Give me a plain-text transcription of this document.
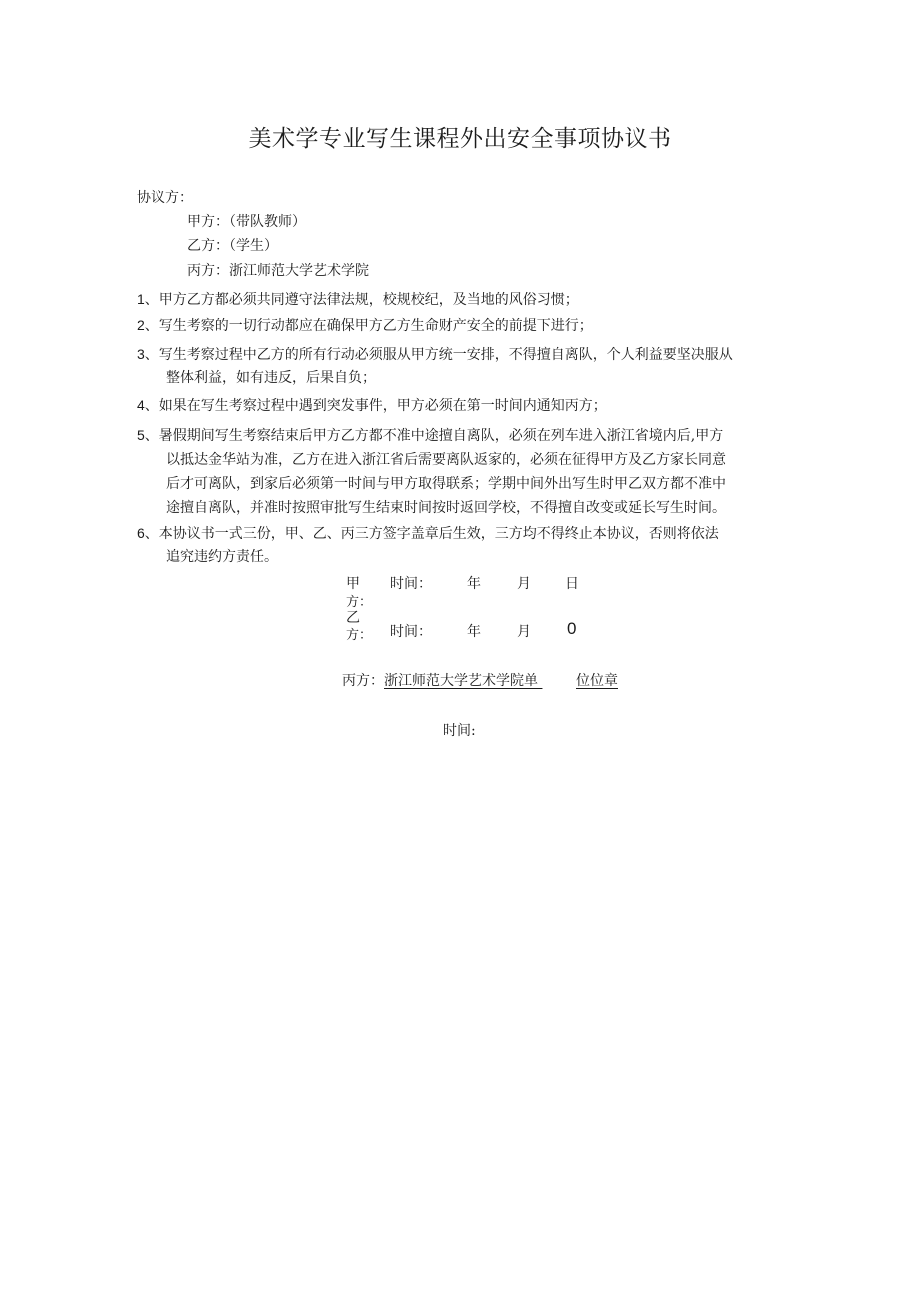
美术学专业写生课程外出安全事项协议书
协议方：
甲方：（带队教师）
乙方：（学生）
丙方：浙江师范大学艺术学院
1、甲方乙方都必须共同遵守法律法规，校规校纪，及当地的风俗习惯；
2、写生考察的一切行动都应在确保甲方乙方生命财产安全的前提下进行；
3、写生考察过程中乙方的所有行动必须服从甲方统一安排，不得擅自离队，个人利益要坚决服从
整体利益，如有违反，后果自负；
4、如果在写生考察过程中遇到突发事件，甲方必须在第一时间内通知丙方；
5、暑假期间写生考察结束后甲方乙方都不准中途擅自离队，必须在列车进入浙江省境内后,甲方
以抵达金华站为准，乙方在进入浙江省后需要离队返家的，必须在征得甲方及乙方家长同意
后才可离队，到家后必须第一时间与甲方取得联系；学期中间外出写生时甲乙双方都不准中
途擅自离队，并准时按照审批写生结束时间按时返回学校，不得擅自改变或延长写生时间。
6、本协议书一式三份，甲、乙、丙三方签字盖章后生效，三方均不得终止本协议，否则将依法
追究违约方责任。
甲
方：
时间：	年	月 日
乙
方： 时间：	年	月 0
丙方：浙江师范大学艺术学院单	位位章
时间:
